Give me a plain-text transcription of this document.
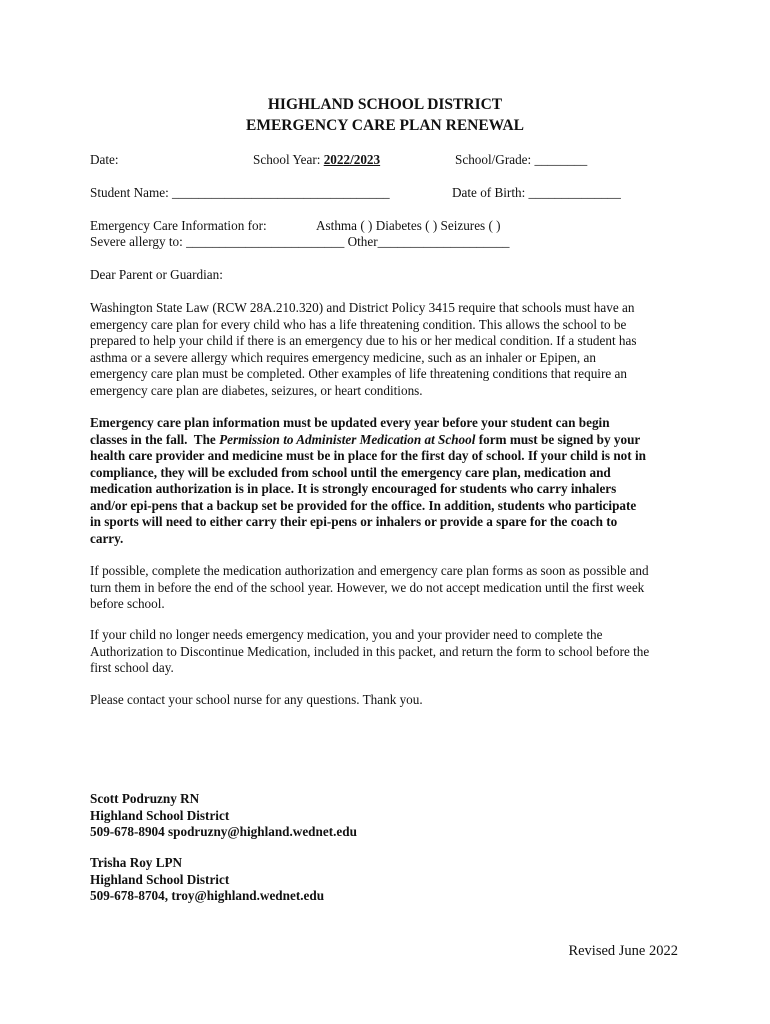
HIGHLAND SCHOOL DISTRICT
EMERGENCY CARE PLAN RENEWAL
Date:	School Year: 2022/2023	School/Grade: ________
Student Name: _________________________________	Date of Birth: ______________
Emergency Care Information for:	Asthma ( ) Diabetes ( ) Seizures ( )
Severe allergy to: ________________________ Other____________________
Dear Parent or Guardian:
Washington State Law (RCW 28A.210.320) and District Policy 3415 require that schools must have an
emergency care plan for every child who has a life threatening condition. This allows the school to be
prepared to help your child if there is an emergency due to his or her medical condition. If a student has
asthma or a severe allergy which requires emergency medicine, such as an inhaler or Epipen, an
emergency care plan must be completed. Other examples of life threatening conditions that require an
emergency care plan are diabetes, seizures, or heart conditions.
Emergency care plan information must be updated every year before your student can begin
classes in the fall.  The Permission to Administer Medication at School form must be signed by your
health care provider and medicine must be in place for the first day of school. If your child is not in
compliance, they will be excluded from school until the emergency care plan, medication and
medication authorization is in place. It is strongly encouraged for students who carry inhalers
and/or epi-pens that a backup set be provided for the office. In addition, students who participate
in sports will need to either carry their epi-pens or inhalers or provide a spare for the coach to
carry.
If possible, complete the medication authorization and emergency care plan forms as soon as possible and
turn them in before the end of the school year. However, we do not accept medication until the first week
before school.
If your child no longer needs emergency medication, you and your provider need to complete the
Authorization to Discontinue Medication, included in this packet, and return the form to school before the
first school day.
Please contact your school nurse for any questions. Thank you.
Scott Podruzny RN
Highland School District
509-678-8904 spodruzny@highland.wednet.edu
Trisha Roy LPN
Highland School District
509-678-8704, troy@highland.wednet.edu
Revised June 2022
